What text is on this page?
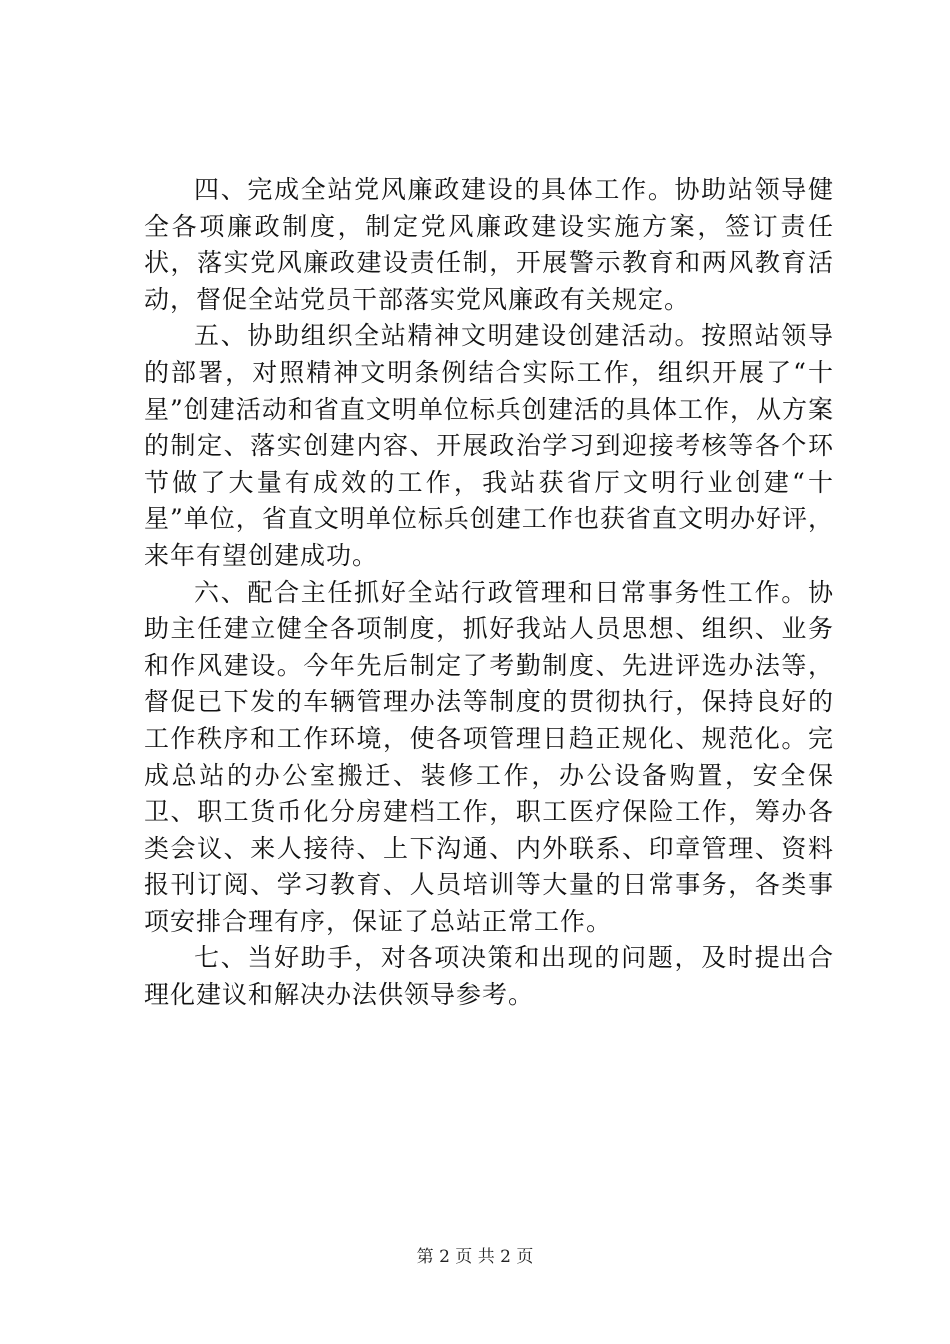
四、完成全站党风廉政建设的具体工作。协助站领导健全各项廉政制度，制定党风廉政建设实施方案，签订责任状，落实党风廉政建设责任制，开展警示教育和两风教育活动，督促全站党员干部落实党风廉政有关规定。

五、协助组织全站精神文明建设创建活动。按照站领导的部署，对照精神文明条例结合实际工作，组织开展了“十星”创建活动和省直文明单位标兵创建活的具体工作，从方案的制定、落实创建内容、开展政治学习到迎接考核等各个环节做了大量有成效的工作，我站获省厅文明行业创建“十星”单位，省直文明单位标兵创建工作也获省直文明办好评，来年有望创建成功。

六、配合主任抓好全站行政管理和日常事务性工作。协助主任建立健全各项制度，抓好我站人员思想、组织、业务和作风建设。今年先后制定了考勤制度、先进评选办法等，督促已下发的车辆管理办法等制度的贯彻执行，保持良好的工作秩序和工作环境，使各项管理日趋正规化、规范化。完成总站的办公室搬迁、装修工作，办公设备购置，安全保卫、职工货币化分房建档工作，职工医疗保险工作，筹办各类会议、来人接待、上下沟通、内外联系、印章管理、资料报刊订阅、学习教育、人员培训等大量的日常事务，各类事项安排合理有序，保证了总站正常工作。

七、当好助手，对各项决策和出现的问题，及时提出合理化建议和解决办法供领导参考。

第 2 页 共 2 页
